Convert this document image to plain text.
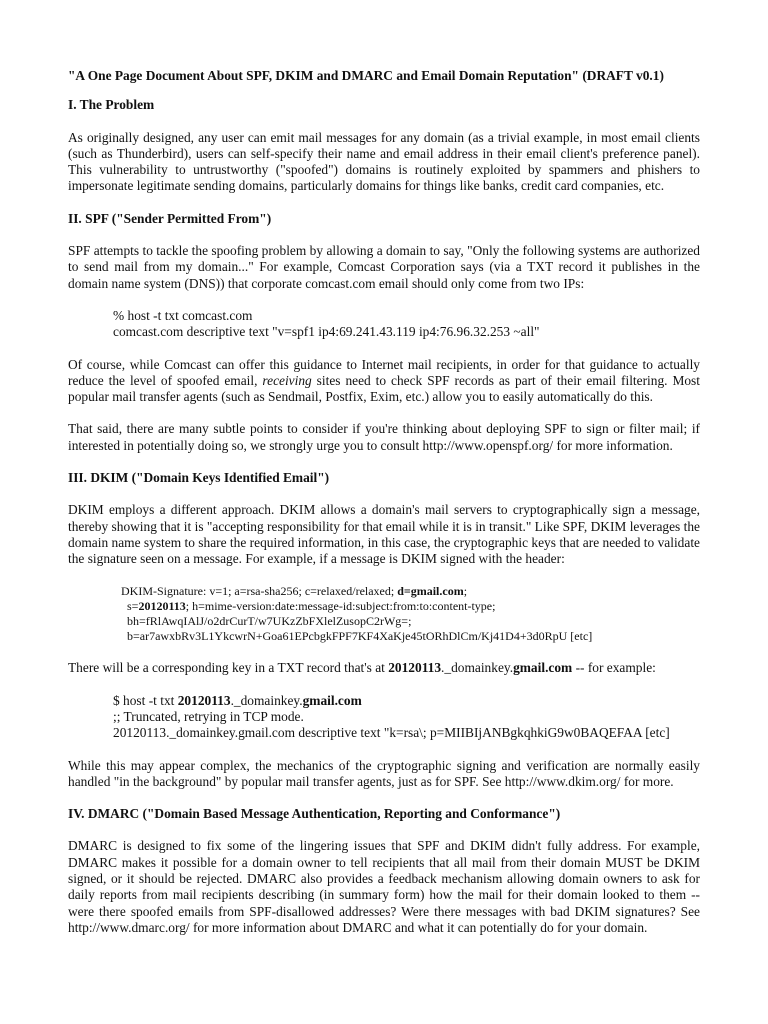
"A One Page Document About SPF, DKIM and DMARC and Email Domain Reputation" (DRAFT v0.1)
I. The Problem

As originally designed, any user can emit mail messages for any domain (as a trivial example, in most email clients (such as Thunderbird), users can self-specify their name and email address in their email client's preference panel). This vulnerability to untrustworthy ("spoofed") domains is routinely exploited by spammers and phishers to impersonate legitimate sending domains, particularly domains for things like banks, credit card companies, etc.

II. SPF ("Sender Permitted From")

SPF attempts to tackle the spoofing problem by allowing a domain to say, "Only the following systems are authorized to send mail from my domain..." For example, Comcast Corporation says (via a TXT record it publishes in the domain name system (DNS)) that corporate comcast.com email should only come from two IPs:

% host -t txt comcast.com
comcast.com descriptive text "v=spf1 ip4:69.241.43.119 ip4:76.96.32.253 ~all"

Of course, while Comcast can offer this guidance to Internet mail recipients, in order for that guidance to actually reduce the level of spoofed email, receiving sites need to check SPF records as part of their email filtering. Most popular mail transfer agents (such as Sendmail, Postfix, Exim, etc.) allow you to easily automatically do this.

That said, there are many subtle points to consider if you're thinking about deploying SPF to sign or filter mail; if interested in potentially doing so, we strongly urge you to consult http://www.openspf.org/ for more information.

III. DKIM ("Domain Keys Identified Email")

DKIM employs a different approach. DKIM allows a domain's mail servers to cryptographically sign a message, thereby showing that it is "accepting responsibility for that email while it is in transit." Like SPF, DKIM leverages the domain name system to share the required information, in this case, the cryptographic keys that are needed to validate the signature seen on a message. For example, if a message is DKIM signed with the header:

DKIM-Signature: v=1; a=rsa-sha256; c=relaxed/relaxed; d=gmail.com;
s=20120113; h=mime-version:date:message-id:subject:from:to:content-type;
bh=fRlAwqIAlJ/o2drCurT/w7UKzZbFXlelZusopC2rWg=;
b=ar7awxbRv3L1YkcwrN+Goa61EPcbgkFPF7KF4XaKje45tORhDlCm/Kj41D4+3d0RpU [etc]

There will be a corresponding key in a TXT record that's at 20120113._domainkey.gmail.com -- for example:

$ host -t txt 20120113._domainkey.gmail.com
;; Truncated, retrying in TCP mode.
20120113._domainkey.gmail.com descriptive text "k=rsa\; p=MIIBIjANBgkqhkiG9w0BAQEFAA [etc]

While this may appear complex, the mechanics of the cryptographic signing and verification are normally easily handled "in the background" by popular mail transfer agents, just as for SPF. See http://www.dkim.org/ for more.

IV. DMARC ("Domain Based Message Authentication, Reporting and Conformance")

DMARC is designed to fix some of the lingering issues that SPF and DKIM didn't fully address. For example, DMARC makes it possible for a domain owner to tell recipients that all mail from their domain MUST be DKIM signed, or it should be rejected. DMARC also provides a feedback mechanism allowing domain owners to ask for daily reports from mail recipients describing (in summary form) how the mail for their domain looked to them -- were there spoofed emails from SPF-disallowed addresses? Were there messages with bad DKIM signatures? See http://www.dmarc.org/ for more information about DMARC and what it can potentially do for your domain.
